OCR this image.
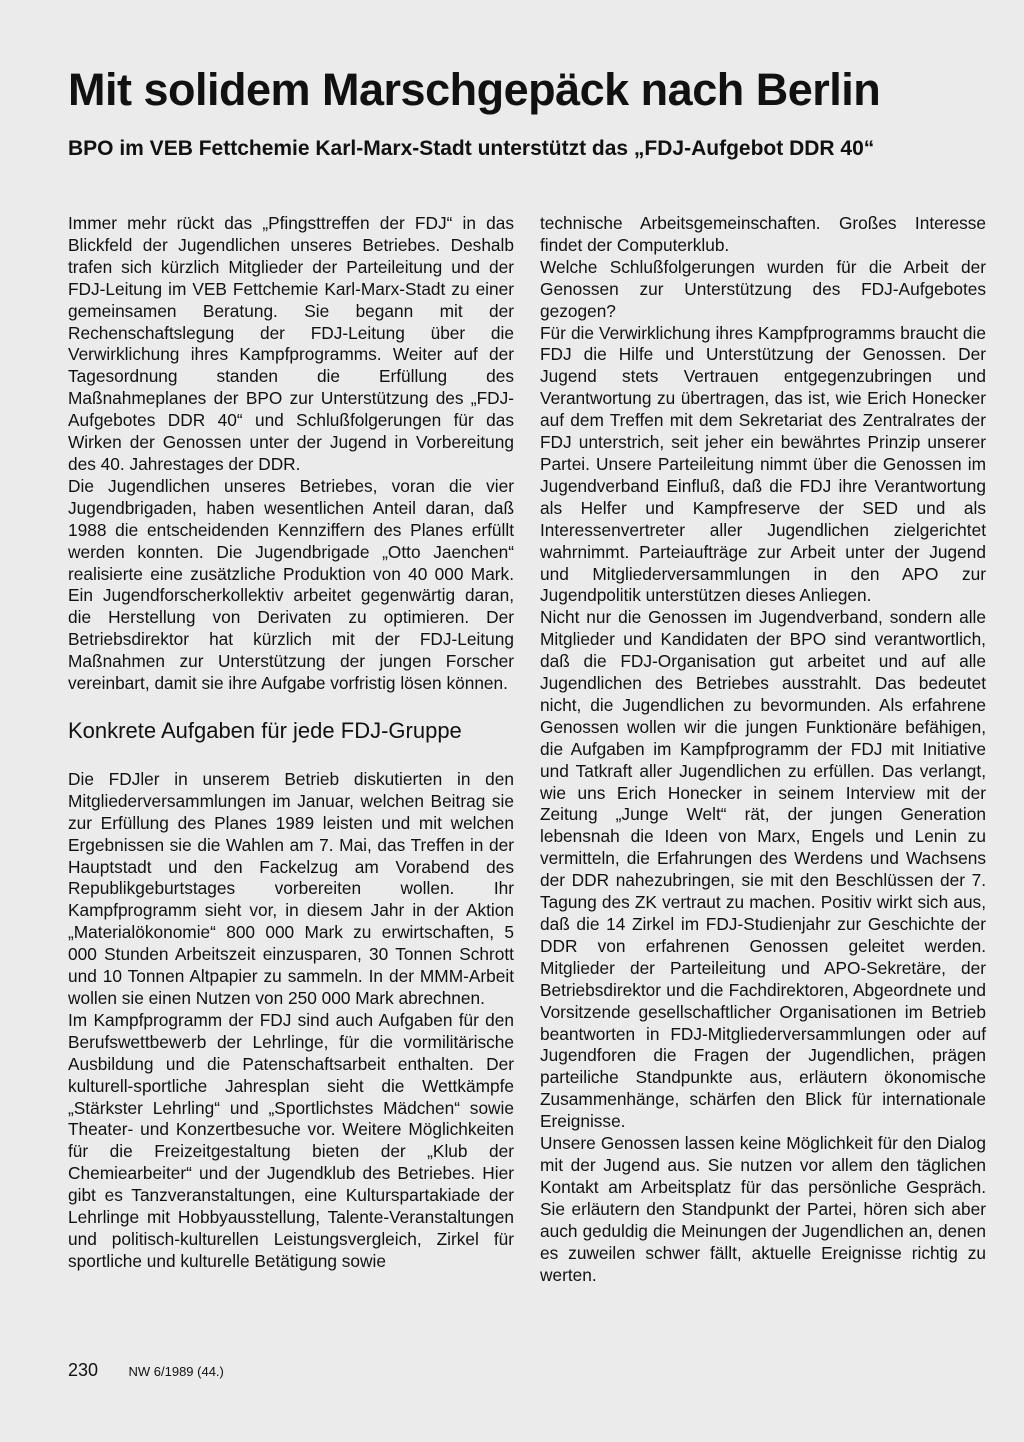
Mit solidem Marschgepäck nach Berlin
BPO im VEB Fettchemie Karl-Marx-Stadt unterstützt das „FDJ-Aufgebot DDR 40“

Immer mehr rückt das „Pfingsttreffen der FDJ“ in das Blickfeld der Jugendlichen unseres Betriebes. Deshalb trafen sich kürzlich Mitglieder der Parteileitung und der FDJ-Leitung im VEB Fettchemie Karl-Marx-Stadt zu einer gemeinsamen Beratung. Sie begann mit der Rechenschaftslegung der FDJ-Leitung über die Verwirklichung ihres Kampfprogramms. Weiter auf der Tagesordnung standen die Erfüllung des Maßnahmeplanes der BPO zur Unterstützung des „FDJ-Aufgebotes DDR 40“ und Schlußfolgerungen für das Wirken der Genossen unter der Jugend in Vorbereitung des 40. Jahrestages der DDR.

Die Jugendlichen unseres Betriebes, voran die vier Jugendbrigaden, haben wesentlichen Anteil daran, daß 1988 die entscheidenden Kennziffern des Planes erfüllt werden konnten. Die Jugendbrigade „Otto Jaenchen“ realisierte eine zusätzliche Produktion von 40 000 Mark. Ein Jugendforscherkollektiv arbeitet gegenwärtig daran, die Herstellung von Derivaten zu optimieren. Der Betriebsdirektor hat kürzlich mit der FDJ-Leitung Maßnahmen zur Unterstützung der jungen Forscher vereinbart, damit sie ihre Aufgabe vorfristig lösen können.

Konkrete Aufgaben für jede FDJ-Gruppe

Die FDJler in unserem Betrieb diskutierten in den Mitgliederversammlungen im Januar, welchen Beitrag sie zur Erfüllung des Planes 1989 leisten und mit welchen Ergebnissen sie die Wahlen am 7. Mai, das Treffen in der Hauptstadt und den Fackelzug am Vorabend des Republikgeburtstages vorbereiten wollen. Ihr Kampfprogramm sieht vor, in diesem Jahr in der Aktion „Materialökonomie“ 800 000 Mark zu erwirtschaften, 5 000 Stunden Arbeitszeit einzusparen, 30 Tonnen Schrott und 10 Tonnen Altpapier zu sammeln. In der MMM-Arbeit wollen sie einen Nutzen von 250 000 Mark abrechnen.

Im Kampfprogramm der FDJ sind auch Aufgaben für den Berufswettbewerb der Lehrlinge, für die vormilitärische Ausbildung und die Patenschaftsarbeit enthalten. Der kulturell-sportliche Jahresplan sieht die Wettkämpfe „Stärkster Lehrling“ und „Sportlichstes Mädchen“ sowie Theater- und Konzertbesuche vor. Weitere Möglichkeiten für die Freizeitgestaltung bieten der „Klub der Chemiearbeiter“ und der Jugendklub des Betriebes. Hier gibt es Tanzveranstaltungen, eine Kulturspartakiade der Lehrlinge mit Hobbyausstellung, Talente-Veranstaltungen und politisch-kulturellen Leistungsvergleich, Zirkel für sportliche und kulturelle Betätigung sowie

technische Arbeitsgemeinschaften. Großes Interesse findet der Computerklub.

Welche Schlußfolgerungen wurden für die Arbeit der Genossen zur Unterstützung des FDJ-Aufgebotes gezogen?

Für die Verwirklichung ihres Kampfprogramms braucht die FDJ die Hilfe und Unterstützung der Genossen. Der Jugend stets Vertrauen entgegenzubringen und Verantwortung zu übertragen, das ist, wie Erich Honecker auf dem Treffen mit dem Sekretariat des Zentralrates der FDJ unterstrich, seit jeher ein bewährtes Prinzip unserer Partei. Unsere Parteileitung nimmt über die Genossen im Jugendverband Einfluß, daß die FDJ ihre Verantwortung als Helfer und Kampfreserve der SED und als Interessenvertreter aller Jugendlichen zielgerichtet wahrnimmt. Parteiaufträge zur Arbeit unter der Jugend und Mitgliederversammlungen in den APO zur Jugendpolitik unterstützen dieses Anliegen.

Nicht nur die Genossen im Jugendverband, sondern alle Mitglieder und Kandidaten der BPO sind verantwortlich, daß die FDJ-Organisation gut arbeitet und auf alle Jugendlichen des Betriebes ausstrahlt. Das bedeutet nicht, die Jugendlichen zu bevormunden. Als erfahrene Genossen wollen wir die jungen Funktionäre befähigen, die Aufgaben im Kampfprogramm der FDJ mit Initiative und Tatkraft aller Jugendlichen zu erfüllen. Das verlangt, wie uns Erich Honecker in seinem Interview mit der Zeitung „Junge Welt“ rät, der jungen Generation lebensnah die Ideen von Marx, Engels und Lenin zu vermitteln, die Erfahrungen des Werdens und Wachsens der DDR nahezubringen, sie mit den Beschlüssen der 7. Tagung des ZK vertraut zu machen. Positiv wirkt sich aus, daß die 14 Zirkel im FDJ-Studienjahr zur Geschichte der DDR von erfahrenen Genossen geleitet werden. Mitglieder der Parteileitung und APO-Sekretäre, der Betriebsdirektor und die Fachdirektoren, Abgeordnete und Vorsitzende gesellschaftlicher Organisationen im Betrieb beantworten in FDJ-Mitgliederversammlungen oder auf Jugendforen die Fragen der Jugendlichen, prägen parteiliche Standpunkte aus, erläutern ökonomische Zusammenhänge, schärfen den Blick für internationale Ereignisse.

Unsere Genossen lassen keine Möglichkeit für den Dialog mit der Jugend aus. Sie nutzen vor allem den täglichen Kontakt am Arbeitsplatz für das persönliche Gespräch. Sie erläutern den Standpunkt der Partei, hören sich aber auch geduldig die Meinungen der Jugendlichen an, denen es zuweilen schwer fällt, aktuelle Ereignisse richtig zu werten.

230 NW 6/1989 (44.)
